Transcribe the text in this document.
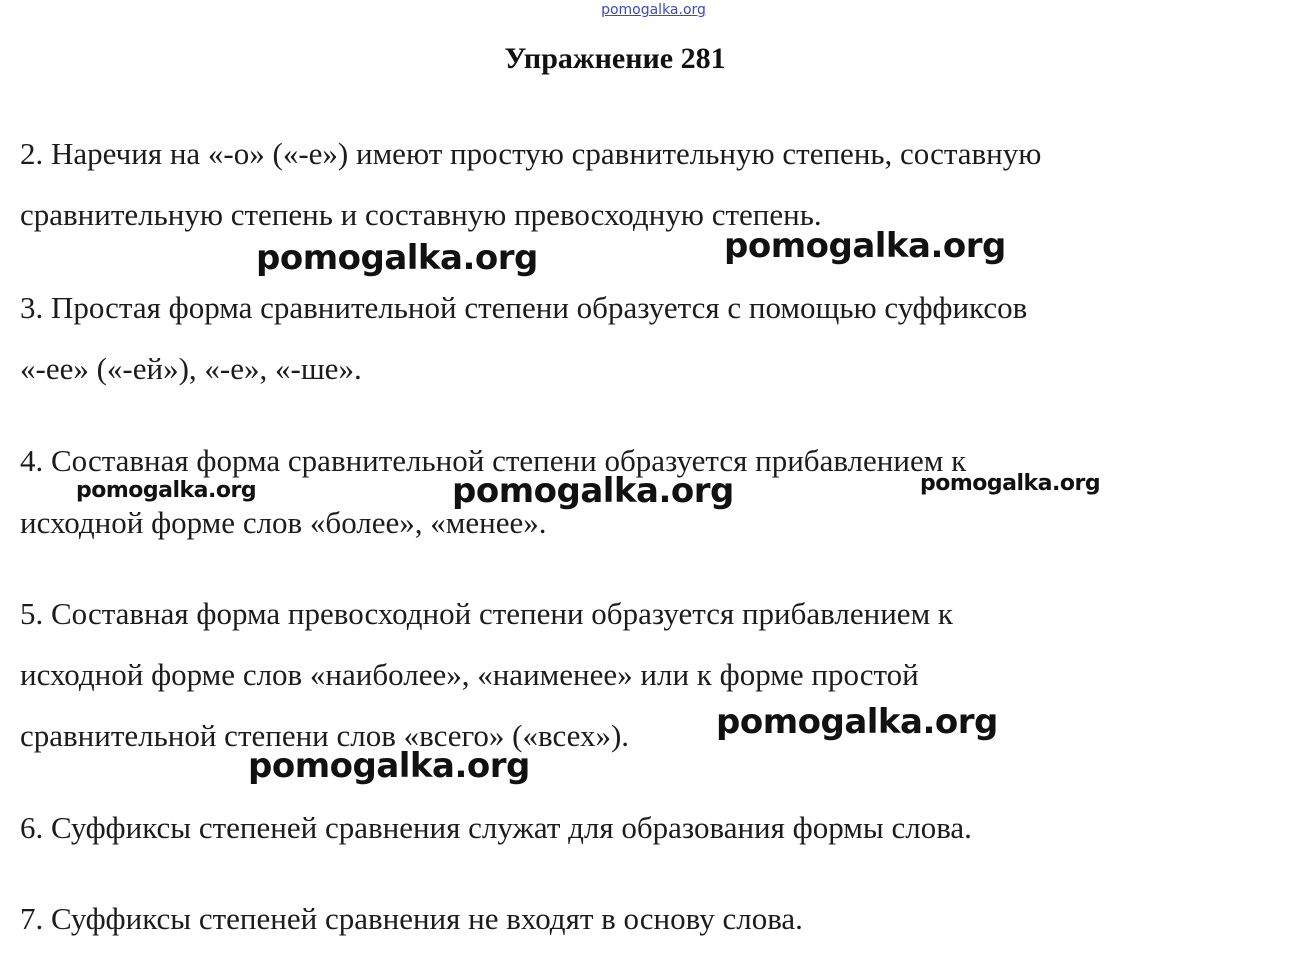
pomogalka.org
Упражнение 281
2. Наречия на «-о» («-е») имеют простую сравнительную степень, составную
сравнительную степень и составную превосходную степень.
3. Простая форма сравнительной степени образуется с помощью суффиксов
«-ее» («-ей»), «-е», «-ше».
4. Составная форма сравнительной степени образуется прибавлением к
исходной форме слов «более», «менее».
5. Составная форма превосходной степени образуется прибавлением к
исходной форме слов «наиболее», «наименее» или к форме простой
сравнительной степени слов «всего» («всех»).
6. Суффиксы степеней сравнения служат для образования формы слова.
7. Суффиксы степеней сравнения не входят в основу слова.
pomogalka.org	pomogalka.org
pomogalka.org	pomogalka.org	pomogalka.org
pomogalka.org
pomogalka.org
